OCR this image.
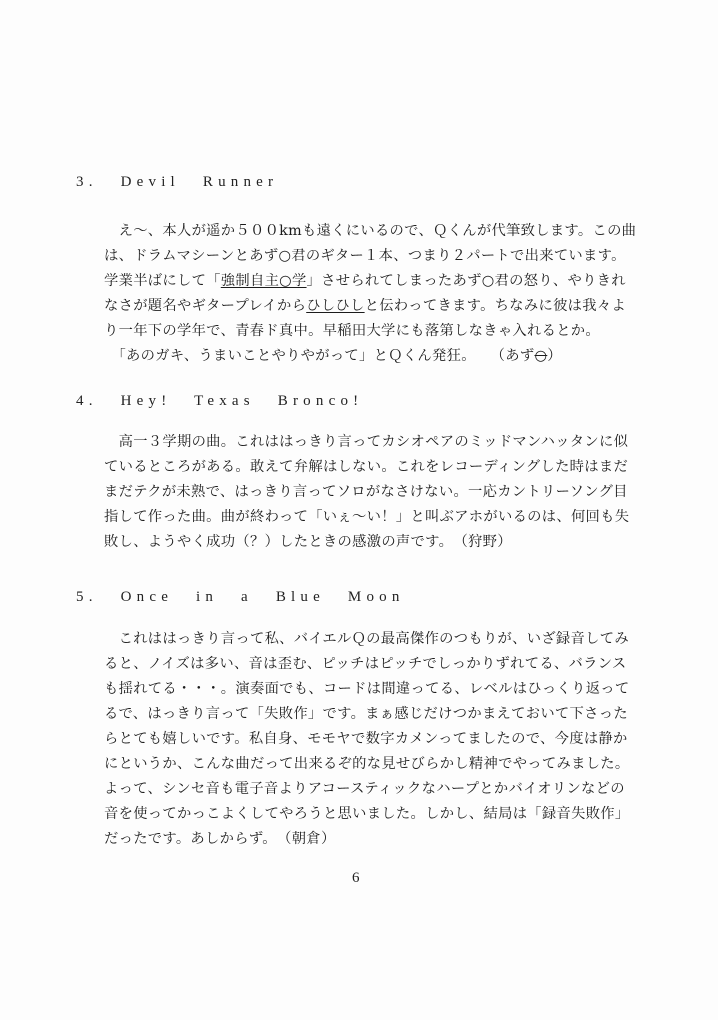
3. Devil Runner
　え～、本人が遥か５００kmも遠くにいるので、Ｑくんが代筆致します。この曲
は、ドラムマシーンとあず○君のギター１本、つまり２パートで出来ています。
学業半ばにして「強制自主○学」させられてしまったあず○君の怒り、やりきれ
なさが題名やギタープレイからひしひしと伝わってきます。ちなみに彼は我々よ
り一年下の学年で、青春ド真中。早稲田大学にも落第しなきゃ入れるとか。
　「あのガキ、うまいことやりやがって」とＱくん発狂。　　（あず○）
4. Hey! Texas Bronco!
　高一３学期の曲。これははっきり言ってカシオペアのミッドマンハッタンに似
ているところがある。敢えて弁解はしない。これをレコーディングした時はまだ
まだテクが未熟で、はっきり言ってソロがなさけない。一応カントリーソング目
指して作った曲。曲が終わって「いぇ～い！」と叫ぶアホがいるのは、何回も失
敗し、ようやく成功（？）したときの感激の声です。　（狩野）
5. Once in a Blue Moon
　これははっきり言って私、バイエルＱの最高傑作のつもりが、いざ録音してみ
ると、ノイズは多い、音は歪む、ピッチはピッチでしっかりずれてる、バランス
も揺れてる・・・。演奏面でも、コードは間違ってる、レベルはひっくり返って
るで、はっきり言って「失敗作」です。まぁ感じだけつかまえておいて下さった
らとても嬉しいです。私自身、モモヤで数字カメンってましたので、今度は静か
にというか、こんな曲だって出来るぞ的な見せびらかし精神でやってみました。
よって、シンセ音も電子音よりアコースティックなハープとかバイオリンなどの
音を使ってかっこよくしてやろうと思いました。しかし、結局は「録音失敗作」
だったです。あしからず。　（朝倉）
6
